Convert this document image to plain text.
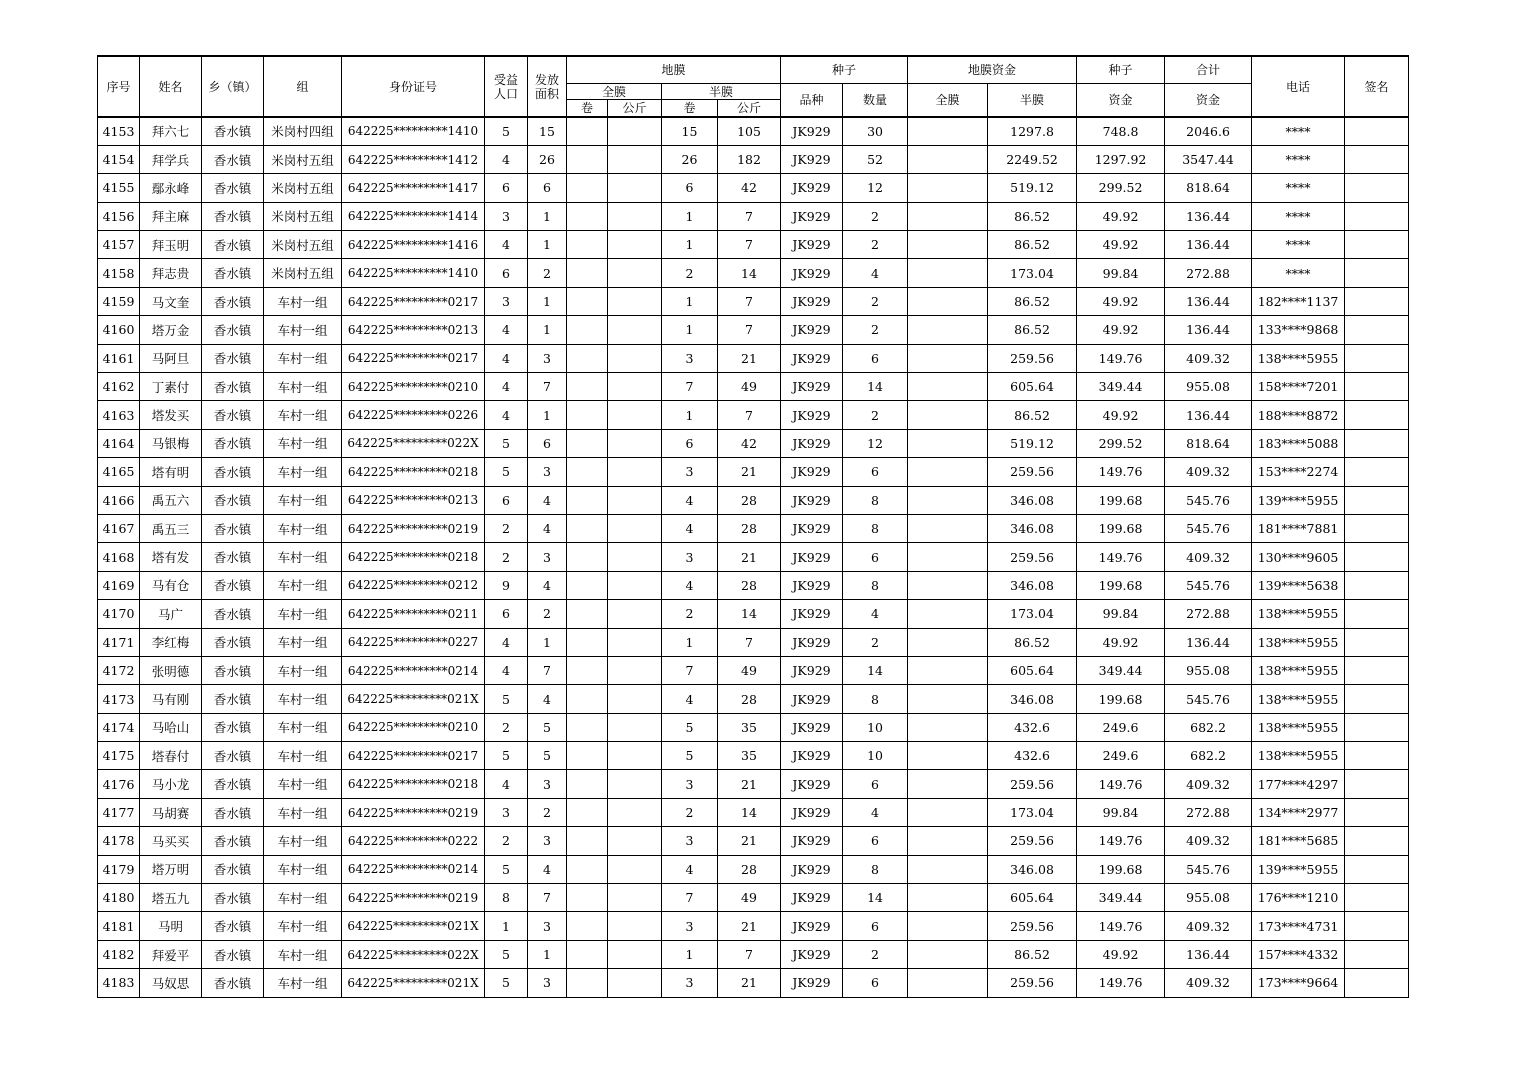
序号	姓名	乡（镇）	组	身份证号	受益人口	发放面积	地膜				种子		地膜资金		种子	合计	电话	签名
							全膜		半膜		品种	数量	全膜	半膜	资金	资金		
							卷	公斤	卷	公斤								
4153	拜六七	香水镇	米岗村四组	642225*********1410	5	15			15	105	JK929	30		1297.8	748.8	2046.6	****	
4154	拜学兵	香水镇	米岗村五组	642225*********1412	4	26			26	182	JK929	52		2249.52	1297.92	3547.44	****	
4155	鄢永峰	香水镇	米岗村五组	642225*********1417	6	6			6	42	JK929	12		519.12	299.52	818.64	****	
4156	拜主麻	香水镇	米岗村五组	642225*********1414	3	1			1	7	JK929	2		86.52	49.92	136.44	****	
4157	拜玉明	香水镇	米岗村五组	642225*********1416	4	1			1	7	JK929	2		86.52	49.92	136.44	****	
4158	拜志贵	香水镇	米岗村五组	642225*********1410	6	2			2	14	JK929	4		173.04	99.84	272.88	****	
4159	马文奎	香水镇	车村一组	642225*********0217	3	1			1	7	JK929	2		86.52	49.92	136.44	182****1137	
4160	塔万金	香水镇	车村一组	642225*********0213	4	1			1	7	JK929	2		86.52	49.92	136.44	133****9868	
4161	马阿旦	香水镇	车村一组	642225*********0217	4	3			3	21	JK929	6		259.56	149.76	409.32	138****5955	
4162	丁素付	香水镇	车村一组	642225*********0210	4	7			7	49	JK929	14		605.64	349.44	955.08	158****7201	
4163	塔发买	香水镇	车村一组	642225*********0226	4	1			1	7	JK929	2		86.52	49.92	136.44	188****8872	
4164	马银梅	香水镇	车村一组	642225*********022X	5	6			6	42	JK929	12		519.12	299.52	818.64	183****5088	
4165	塔有明	香水镇	车村一组	642225*********0218	5	3			3	21	JK929	6		259.56	149.76	409.32	153****2274	
4166	禹五六	香水镇	车村一组	642225*********0213	6	4			4	28	JK929	8		346.08	199.68	545.76	139****5955	
4167	禹五三	香水镇	车村一组	642225*********0219	2	4			4	28	JK929	8		346.08	199.68	545.76	181****7881	
4168	塔有发	香水镇	车村一组	642225*********0218	2	3			3	21	JK929	6		259.56	149.76	409.32	130****9605	
4169	马有仓	香水镇	车村一组	642225*********0212	9	4			4	28	JK929	8		346.08	199.68	545.76	139****5638	
4170	马广	香水镇	车村一组	642225*********0211	6	2			2	14	JK929	4		173.04	99.84	272.88	138****5955	
4171	李红梅	香水镇	车村一组	642225*********0227	4	1			1	7	JK929	2		86.52	49.92	136.44	138****5955	
4172	张明德	香水镇	车村一组	642225*********0214	4	7			7	49	JK929	14		605.64	349.44	955.08	138****5955	
4173	马有刚	香水镇	车村一组	642225*********021X	5	4			4	28	JK929	8		346.08	199.68	545.76	138****5955	
4174	马哈山	香水镇	车村一组	642225*********0210	2	5			5	35	JK929	10		432.6	249.6	682.2	138****5955	
4175	塔春付	香水镇	车村一组	642225*********0217	5	5			5	35	JK929	10		432.6	249.6	682.2	138****5955	
4176	马小龙	香水镇	车村一组	642225*********0218	4	3			3	21	JK929	6		259.56	149.76	409.32	177****4297	
4177	马胡赛	香水镇	车村一组	642225*********0219	3	2			2	14	JK929	4		173.04	99.84	272.88	134****2977	
4178	马买买	香水镇	车村一组	642225*********0222	2	3			3	21	JK929	6		259.56	149.76	409.32	181****5685	
4179	塔万明	香水镇	车村一组	642225*********0214	5	4			4	28	JK929	8		346.08	199.68	545.76	139****5955	
4180	塔五九	香水镇	车村一组	642225*********0219	8	7			7	49	JK929	14		605.64	349.44	955.08	176****1210	
4181	马明	香水镇	车村一组	642225*********021X	1	3			3	21	JK929	6		259.56	149.76	409.32	173****4731	
4182	拜爱平	香水镇	车村一组	642225*********022X	5	1			1	7	JK929	2		86.52	49.92	136.44	157****4332	
4183	马奴思	香水镇	车村一组	642225*********021X	5	3			3	21	JK929	6		259.56	149.76	409.32	173****9664	
